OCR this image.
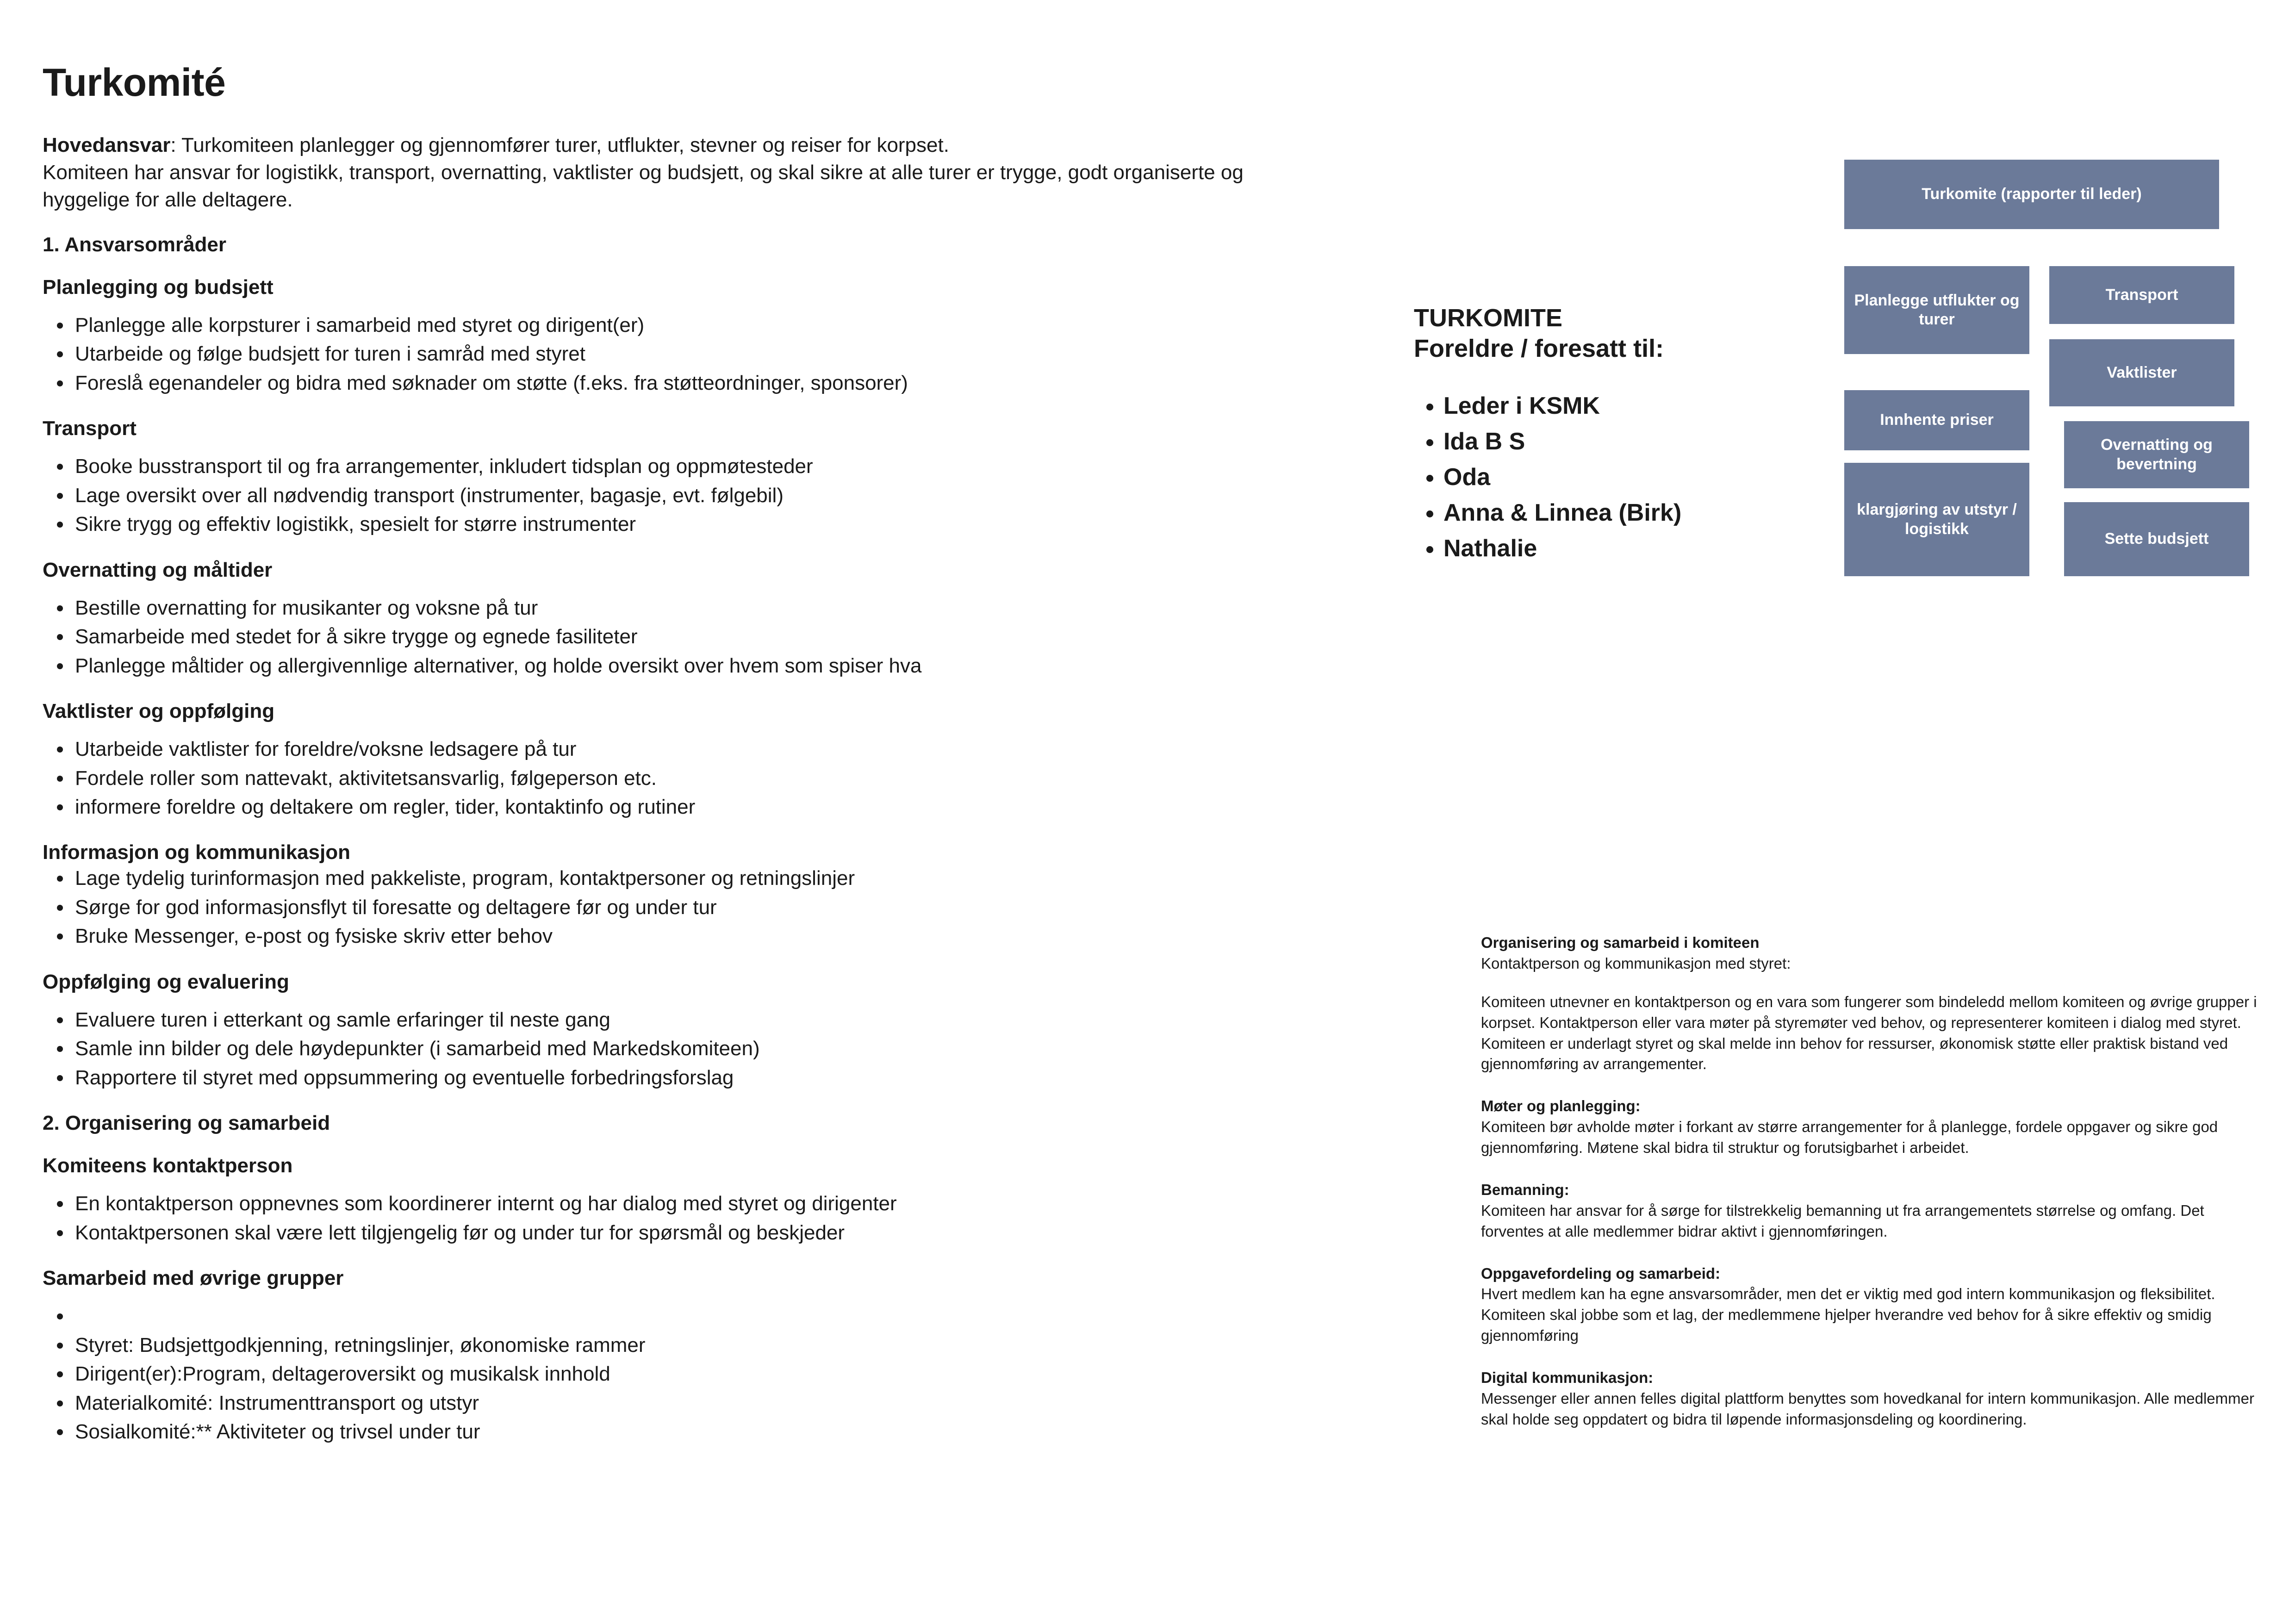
Turkomité

Hovedansvar: Turkomiteen planlegger og gjennomfører turer, utflukter, stevner og reiser for korpset.
Komiteen har ansvar for logistikk, transport, overnatting, vaktlister og budsjett, og skal sikre at alle turer er trygge, godt organiserte og
hyggelige for alle deltagere.

1. Ansvarsområder

Planlegging og budsjett

• Planlegge alle korpsturer i samarbeid med styret og dirigent(er)
• Utarbeide og følge budsjett for turen i samråd med styret
• Foreslå egenandeler og bidra med søknader om støtte (f.eks. fra støtteordninger, sponsorer)

Transport

• Booke busstransport til og fra arrangementer, inkludert tidsplan og oppmøtesteder
• Lage oversikt over all nødvendig transport (instrumenter, bagasje, evt. følgebil)
• Sikre trygg og effektiv logistikk, spesielt for større instrumenter

Overnatting og måltider

• Bestille overnatting for musikanter og voksne på tur
• Samarbeide med stedet for å sikre trygge og egnede fasiliteter
• Planlegge måltider og allergivennlige alternativer, og holde oversikt over hvem som spiser hva

Vaktlister og oppfølging

• Utarbeide vaktlister for foreldre/voksne ledsagere på tur
• Fordele roller som nattevakt, aktivitetsansvarlig, følgeperson etc.
• informere foreldre og deltakere om regler, tider, kontaktinfo og rutiner

Informasjon og kommunikasjon

• Lage tydelig turinformasjon med pakkeliste, program, kontaktpersoner og retningslinjer
• Sørge for god informasjonsflyt til foresatte og deltagere før og under tur
• Bruke Messenger, e-post og fysiske skriv etter behov

Oppfølging og evaluering

• Evaluere turen i etterkant og samle erfaringer til neste gang
• Samle inn bilder og dele høydepunkter (i samarbeid med Markedskomiteen)
• Rapportere til styret med oppsummering og eventuelle forbedringsforslag

2. Organisering og samarbeid

Komiteens kontaktperson

• En kontaktperson oppnevnes som koordinerer internt og har dialog med styret og dirigenter
• Kontaktpersonen skal være lett tilgjengelig før og under tur for spørsmål og beskjeder

Samarbeid med øvrige grupper

•
• Styret: Budsjettgodkjenning, retningslinjer, økonomiske rammer
• Dirigent(er):Program, deltageroversikt og musikalsk innhold
• Materialkomité: Instrumenttransport og utstyr
• Sosialkomité:** Aktiviteter og trivsel under tur

TURKOMITE
Foreldre / foresatt til:

• Leder i KSMK
• Ida B S
• Oda
• Anna & Linnea (Birk)
• Nathalie
Turkomite (rapporter til leder)
Planlegge utflukter og turer
Transport
Innhente priser
Vaktlister
Overnatting og bevertning
klargjøring av utstyr / logistikk
Sette budsjett

Organisering og samarbeid i komiteen

Kontaktperson og kommunikasjon med styret:

Komiteen utnevner en kontaktperson og en vara som fungerer som bindeledd mellom komiteen og øvrige grupper i korpset. Kontaktperson eller vara møter på styremøter ved behov, og representerer komiteen i dialog med styret. Komiteen er underlagt styret og skal melde inn behov for ressurser, økonomisk støtte eller praktisk bistand ved gjennomføring av arrangementer.

Møter og planlegging:

Komiteen bør avholde møter i forkant av større arrangementer for å planlegge, fordele oppgaver og sikre god gjennomføring. Møtene skal bidra til struktur og forutsigbarhet i arbeidet.

Bemanning:

Komiteen har ansvar for å sørge for tilstrekkelig bemanning ut fra arrangementets størrelse og omfang. Det forventes at alle medlemmer bidrar aktivt i gjennomføringen.

Oppgavefordeling og samarbeid:

Hvert medlem kan ha egne ansvarsområder, men det er viktig med god intern kommunikasjon og fleksibilitet. Komiteen skal jobbe som et lag, der medlemmene hjelper hverandre ved behov for å sikre effektiv og smidig gjennomføring

Digital kommunikasjon:

Messenger eller annen felles digital plattform benyttes som hovedkanal for intern kommunikasjon. Alle medlemmer skal holde seg oppdatert og bidra til løpende informasjonsdeling og koordinering.
